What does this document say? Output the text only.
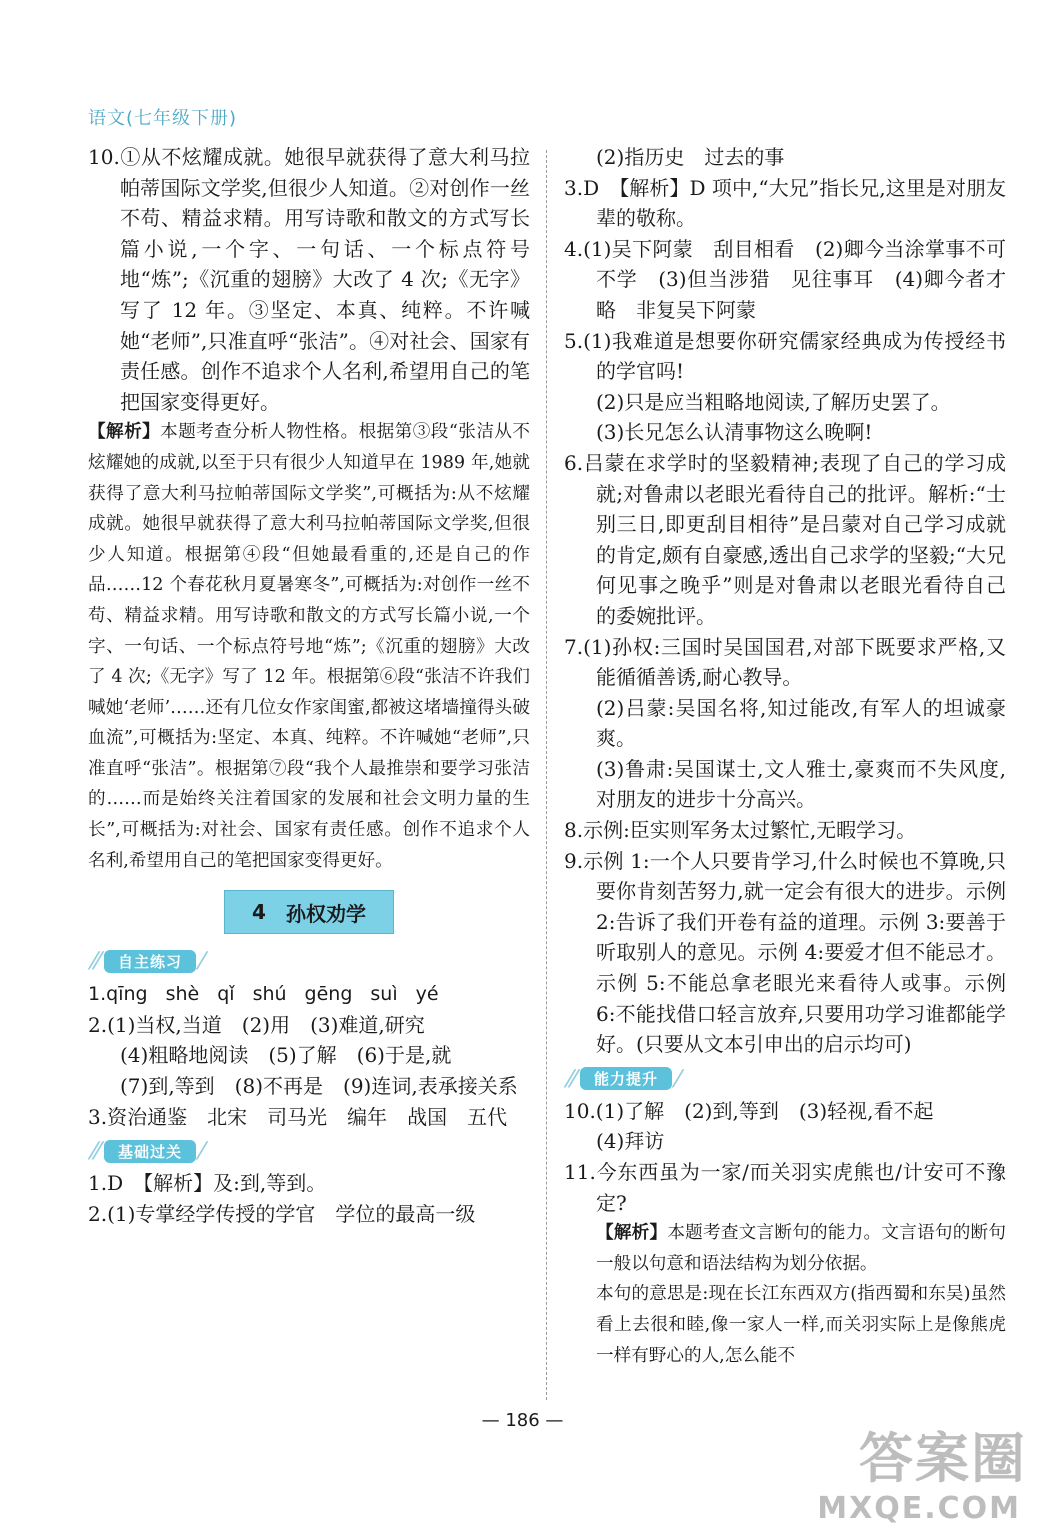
语文(七年级下册)

10.①从不炫耀成就。她很早就获得了意大利马拉帕蒂国际文学奖,但很少人知道。②对创作一丝不苟、精益求精。用写诗歌和散文的方式写长篇小说,一个字、一句话、一个标点符号地“炼”;《沉重的翅膀》大改了 4 次;《无字》写了 12 年。③坚定、本真、纯粹。不许喊她“老师”,只准直呼“张洁”。④对社会、国家有责任感。创作不追求个人名利,希望用自己的笔把国家变得更好。

【解析】本题考查分析人物性格。根据第③段“张洁从不炫耀她的成就,以至于只有很少人知道早在 1989 年,她就获得了意大利马拉帕蒂国际文学奖”,可概括为:从不炫耀成就。她很早就获得了意大利马拉帕蒂国际文学奖,但很少人知道。根据第④段“但她最看重的,还是自己的作品……12 个春花秋月夏暑寒冬”,可概括为:对创作一丝不苟、精益求精。用写诗歌和散文的方式写长篇小说,一个字、一句话、一个标点符号地“炼”;《沉重的翅膀》大改了 4 次;《无字》写了 12 年。根据第⑥段“张洁不许我们喊她‘老师’……还有几位女作家闺蜜,都被这堵墙撞得头破血流”,可概括为:坚定、本真、纯粹。不许喊她“老师”,只准直呼“张洁”。根据第⑦段“我个人最推崇和要学习张洁的……而是始终关注着国家的发展和社会文明力量的生长”,可概括为:对社会、国家有责任感。创作不追求个人名利,希望用自己的笔把国家变得更好。

4 孙权劝学
⁄⁄	自主练习 ⁄

1.qīng shè qǐ shú gēng suì yé

2.(1)当权,当道　(2)用　(3)难道,研究

(4)粗略地阅读　(5)了解　(6)于是,就

(7)到,等到　(8)不再是　(9)连词,表承接关系

3.资治通鉴　北宋　司马光　编年　战国　五代

⁄⁄	基础过关 ⁄

1.D　【解析】及:到,等到。

2.(1)专掌经学传授的学官　学位的最高一级

(2)指历史　过去的事

3.D　【解析】D 项中,“大兄”指长兄,这里是对朋友辈的敬称。

4.(1)吴下阿蒙　刮目相看　(2)卿今当涂掌事不可不学　(3)但当涉猎　见往事耳　(4)卿今者才略　非复吴下阿蒙

5.(1)我难道是想要你研究儒家经典成为传授经书的学官吗!

(2)只是应当粗略地阅读,了解历史罢了。

(3)长兄怎么认清事物这么晚啊!

6.吕蒙在求学时的坚毅精神;表现了自己的学习成就;对鲁肃以老眼光看待自己的批评。解析:“士别三日,即更刮目相待”是吕蒙对自己学习成就的肯定,颇有自豪感,透出自己求学的坚毅;“大兄何见事之晚乎”则是对鲁肃以老眼光看待自己的委婉批评。

7.(1)孙权:三国时吴国国君,对部下既要求严格,又能循循善诱,耐心教导。

(2)吕蒙:吴国名将,知过能改,有军人的坦诚豪爽。

(3)鲁肃:吴国谋士,文人雅士,豪爽而不失风度,对朋友的进步十分高兴。

8.示例:臣实则军务太过繁忙,无暇学习。

9.示例 1:一个人只要肯学习,什么时候也不算晚,只要你肯刻苦努力,就一定会有很大的进步。示例 2:告诉了我们开卷有益的道理。示例 3:要善于听取别人的意见。示例 4:要爱才但不能忌才。示例 5:不能总拿老眼光来看待人或事。示例 6:不能找借口轻言放弃,只要用功学习谁都能学好。(只要从文本引申出的启示均可)

⁄⁄	能力提升 ⁄

10.(1)了解　(2)到,等到　(3)轻视,看不起

(4)拜访

11.今东西虽为一家/而关羽实虎熊也/计安可不豫定?

【解析】本题考查文言断句的能力。文言语句的断句一般以句意和语法结构为划分依据。

本句的意思是:现在长江东西双方(指西蜀和东吴)虽然看上去很和睦,像一家人一样,而关羽实际上是像熊虎一样有野心的人,怎么能不

— 186 —
答案圈
MXQE.COM
